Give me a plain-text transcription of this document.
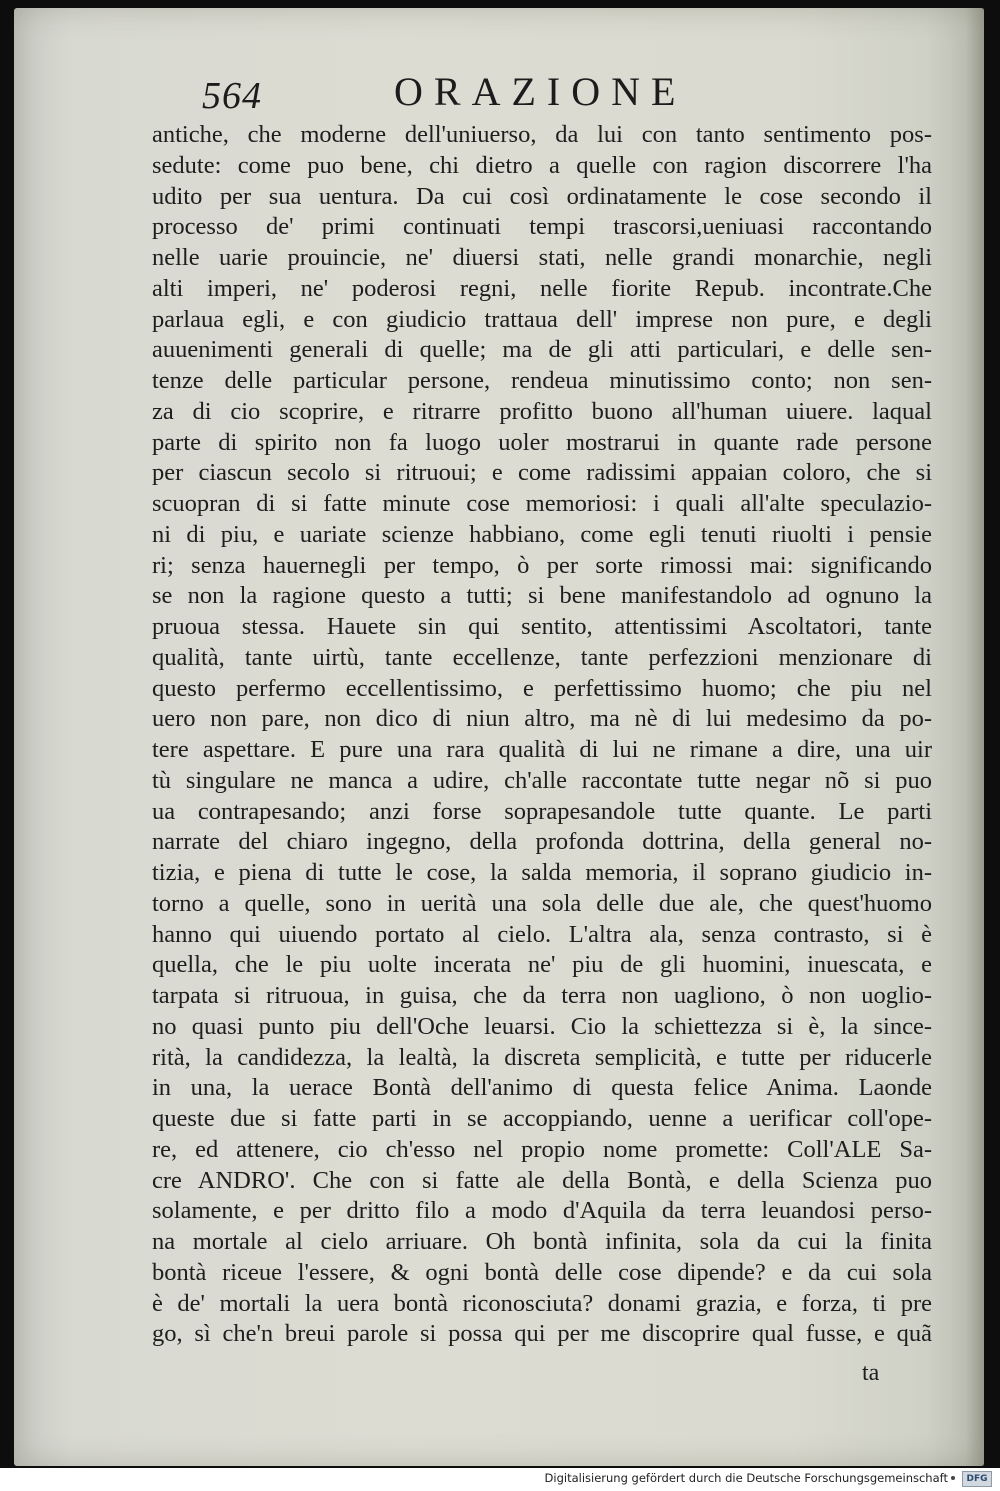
564	ORAZIONE
antiche, che moderne dell'uniuerso, da lui con tanto sentimento pos-
sedute: come puo bene, chi dietro a quelle con ragion discorrere l'ha
udito per sua uentura. Da cui così ordinatamente le cose secondo il
processo de' primi continuati tempi trascorsi,ueniuasi raccontando
nelle uarie prouincie, ne' diuersi stati, nelle grandi monarchie, negli
alti imperi, ne' poderosi regni, nelle fiorite Repub. incontrate.Che
parlaua egli, e con giudicio trattaua dell' imprese non pure, e degli
auuenimenti generali di quelle; ma de gli atti particulari, e delle sen-
tenze delle particular persone, rendeua minutissimo conto; non sen-
za di cio scoprire, e ritrarre profitto buono all'human uiuere. laqual
parte di spirito non fa luogo uoler mostrarui in quante rade persone
per ciascun secolo si ritruoui; e come radissimi appaian coloro, che si
scuopran di si fatte minute cose memoriosi: i quali all'alte speculazio-
ni di piu, e uariate scienze habbiano, come egli tenuti riuolti i pensie
ri; senza hauernegli per tempo, ò per sorte rimossi mai: significando
se non la ragione questo a tutti; si bene manifestandolo ad ognuno la
pruoua stessa. Hauete sin qui sentito, attentissimi Ascoltatori, tante
qualità, tante uirtù, tante eccellenze, tante perfezzioni menzionare di
questo perfermo eccellentissimo, e perfettissimo huomo; che piu nel
uero non pare, non dico di niun altro, ma nè di lui medesimo da po-
tere aspettare. E pure una rara qualità di lui ne rimane a dire, una uir
tù singulare ne manca a udire, ch'alle raccontate tutte negar nõ si puo
ua contrapesando; anzi forse soprapesandole tutte quante. Le parti
narrate del chiaro ingegno, della profonda dottrina, della general no-
tizia, e piena di tutte le cose, la salda memoria, il soprano giudicio in-
torno a quelle, sono in uerità una sola delle due ale, che quest'huomo
hanno qui uiuendo portato al cielo. L'altra ala, senza contrasto, si è
quella, che le piu uolte incerata ne' piu de gli huomini, inuescata, e
tarpata si ritruoua, in guisa, che da terra non uagliono, ò non uoglio-
no quasi punto piu dell'Oche leuarsi. Cio la schiettezza si è, la since-
rità, la candidezza, la lealtà, la discreta semplicità, e tutte per riducerle
in una, la uerace Bontà dell'animo di questa felice Anima. Laonde
queste due si fatte parti in se accoppiando, uenne a uerificar coll'ope-
re, ed attenere, cio ch'esso nel propio nome promette: Coll'ALE Sa-
cre ANDRO'. Che con si fatte ale della Bontà, e della Scienza puo
solamente, e per dritto filo a modo d'Aquila da terra leuandosi perso-
na mortale al cielo arriuare. Oh bontà infinita, sola da cui la finita
bontà riceue l'essere, & ogni bontà delle cose dipende? e da cui sola
è de' mortali la uera bontà riconosciuta? donami grazia, e forza, ti pre
go, sì che'n breui parole si possa qui per me discoprire qual fusse, e quã
ta
Digitalisierung gefördert durch die Deutsche Forschungsgemeinschaft	DFG
